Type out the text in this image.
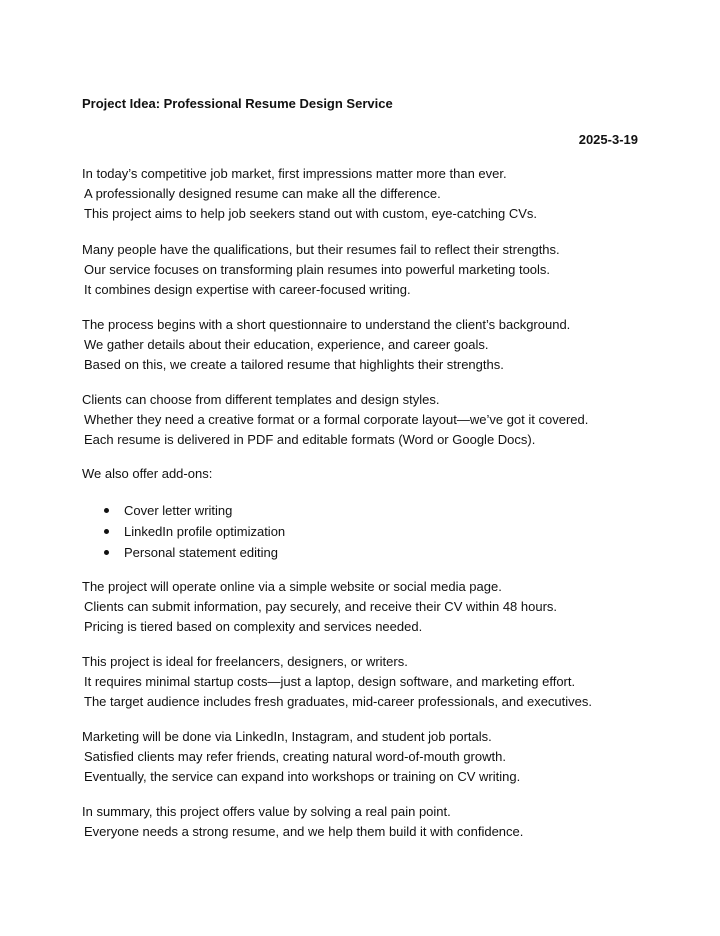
Project Idea: Professional Resume Design Service
2025-3-19
In today’s competitive job market, first impressions matter more than ever.
A professionally designed resume can make all the difference.
This project aims to help job seekers stand out with custom, eye-catching CVs.
Many people have the qualifications, but their resumes fail to reflect their strengths.
Our service focuses on transforming plain resumes into powerful marketing tools.
It combines design expertise with career-focused writing.
The process begins with a short questionnaire to understand the client’s background.
We gather details about their education, experience, and career goals.
Based on this, we create a tailored resume that highlights their strengths.
Clients can choose from different templates and design styles.
Whether they need a creative format or a formal corporate layout—we’ve got it covered.
Each resume is delivered in PDF and editable formats (Word or Google Docs).
We also offer add-ons:
Cover letter writing
LinkedIn profile optimization
Personal statement editing
The project will operate online via a simple website or social media page.
Clients can submit information, pay securely, and receive their CV within 48 hours.
Pricing is tiered based on complexity and services needed.
This project is ideal for freelancers, designers, or writers.
It requires minimal startup costs—just a laptop, design software, and marketing effort.
The target audience includes fresh graduates, mid-career professionals, and executives.
Marketing will be done via LinkedIn, Instagram, and student job portals.
Satisfied clients may refer friends, creating natural word-of-mouth growth.
Eventually, the service can expand into workshops or training on CV writing.
In summary, this project offers value by solving a real pain point.
Everyone needs a strong resume, and we help them build it with confidence.
